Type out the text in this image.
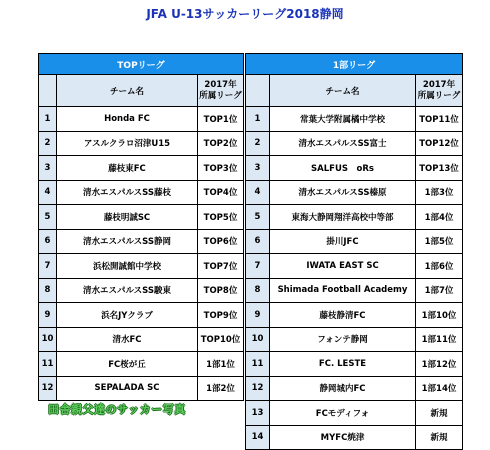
JFA U-13サッカーリーグ2018静岡
TOPリーグ		
	チーム名	2017年
所属リーグ

1	Honda FC	TOP1位
2	アスルクラロ沼津U15	TOP2位
3	藤枝東FC	TOP3位
4	清水エスパルスSS藤枝	TOP4位
5	藤枝明誠SC	TOP5位
6	清水エスパルスSS静岡	TOP6位
7	浜松開誠館中学校	TOP7位
8	清水エスパルスSS駿東	TOP8位
9	浜名JYクラブ	TOP9位
10	清水FC	TOP10位
11	FC桜が丘	1部1位
12	SEPALADA SC	1部2位
1部リーグ		
	チーム名	2017年
所属リーグ

1	常葉大学附属橘中学校	TOP11位
2	清水エスパルスSS富士	TOP12位
3	SALFUS　oRs	TOP13位
4	清水エスパルスSS榛原	1部3位
5	東海大静岡翔洋高校中等部	1部4位
6	掛川JFC	1部5位
7	IWATA EAST SC	1部6位
8	Shimada Football Academy	1部7位
9	藤枝静清FC	1部10位
10	フォンテ静岡	1部11位
11	FC. LESTE	1部12位
12	静岡城内FC	1部14位
13	FCモディフォ	新規
14	MYFC焼津	新規
田舎親父達のサッカー写真
